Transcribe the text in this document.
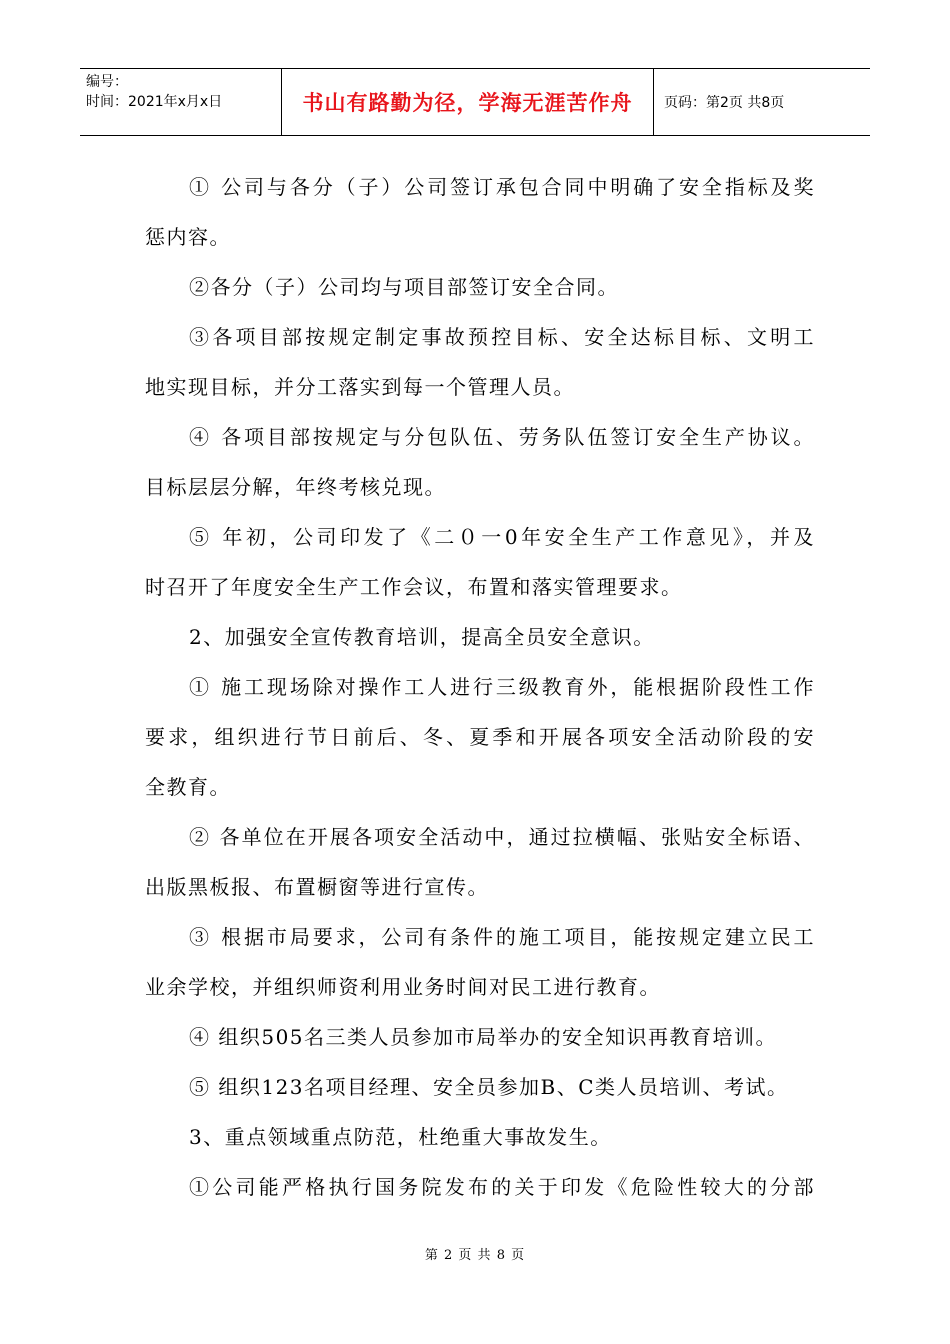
编号：
时间：2021年x月x日	书山有路勤为径，学海无涯苦作舟 页码：第2页 共8页
① 公司与各分（子）公司签订承包合同中明确了安全指标及奖
惩内容。
②各分（子）公司均与项目部签订安全合同。
③各项目部按规定制定事故预控目标、安全达标目标、文明工
地实现目标，并分工落实到每一个管理人员。
④ 各项目部按规定与分包队伍、劳务队伍签订安全生产协议。
目标层层分解，年终考核兑现。
⑤ 年初，公司印发了《二０一0年安全生产工作意见》，并及
时召开了年度安全生产工作会议，布置和落实管理要求。
2、加强安全宣传教育培训，提高全员安全意识。
① 施工现场除对操作工人进行三级教育外，能根据阶段性工作
要求，组织进行节日前后、冬、夏季和开展各项安全活动阶段的安
全教育。
② 各单位在开展各项安全活动中，通过拉横幅、张贴安全标语、
出版黑板报、布置橱窗等进行宣传。
③ 根据市局要求，公司有条件的施工项目，能按规定建立民工
业余学校，并组织师资利用业务时间对民工进行教育。
④ 组织505名三类人员参加市局举办的安全知识再教育培训。
⑤ 组织123名项目经理、安全员参加B、C类人员培训、考试。
3、重点领域重点防范，杜绝重大事故发生。
①公司能严格执行国务院发布的关于印发《危险性较大的分部
第 2 页 共 8 页
